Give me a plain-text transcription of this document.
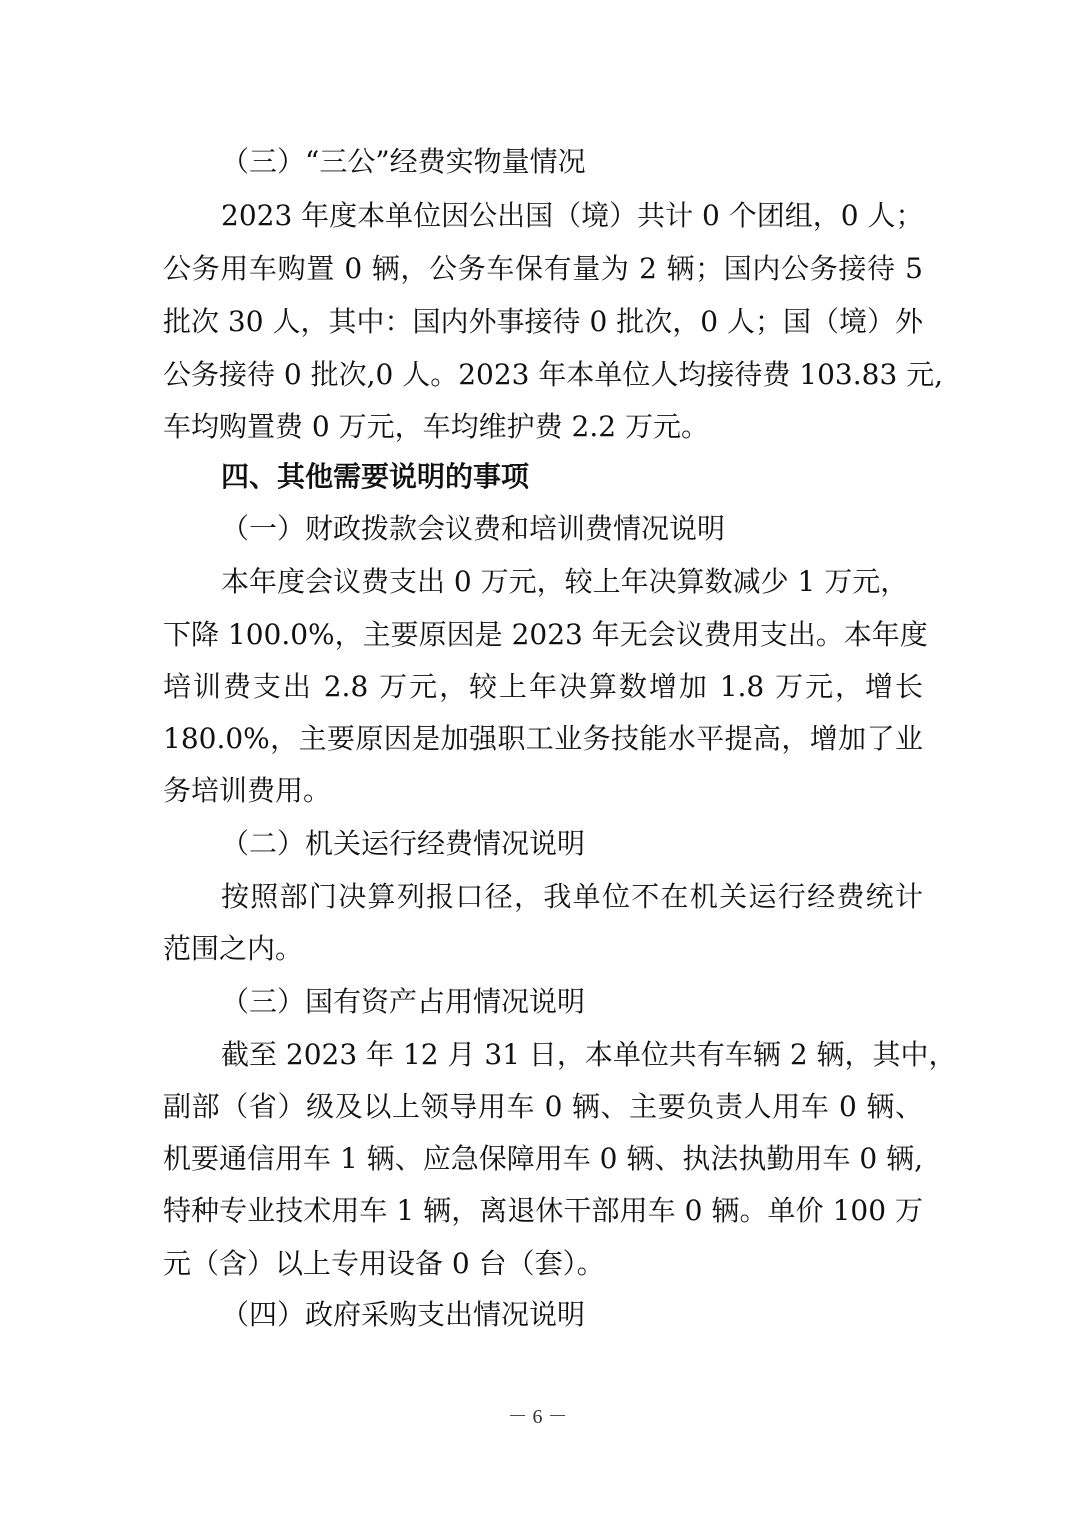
（三）“三公”经费实物量情况
2023 年度本单位因公出国（境）共计 0 个团组，0 人；
公务用车购置 0 辆，公务车保有量为 2 辆；国内公务接待 5
批次 30 人，其中：国内外事接待 0 批次，0 人；国（境）外
公务接待 0 批次,0 人。2023 年本单位人均接待费 103.83 元,
车均购置费 0 万元，车均维护费 2.2 万元。
四、其他需要说明的事项
（一）财政拨款会议费和培训费情况说明
本年度会议费支出 0 万元，较上年决算数减少 1 万元，
下降 100.0%，主要原因是 2023 年无会议费用支出。本年度
培训费支出 2.8 万元，较上年决算数增加 1.8 万元，增长
180.0%，主要原因是加强职工业务技能水平提高，增加了业
务培训费用。
（二）机关运行经费情况说明
按照部门决算列报口径，我单位不在机关运行经费统计
范围之内。
（三）国有资产占用情况说明
截至 2023 年 12 月 31 日，本单位共有车辆 2 辆，其中，
副部（省）级及以上领导用车 0 辆、主要负责人用车 0 辆、
机要通信用车 1 辆、应急保障用车 0 辆、执法执勤用车 0 辆,
特种专业技术用车 1 辆，离退休干部用车 0 辆。单价 100 万
元（含）以上专用设备 0 台（套）。
（四）政府采购支出情况说明
－ 6 －
